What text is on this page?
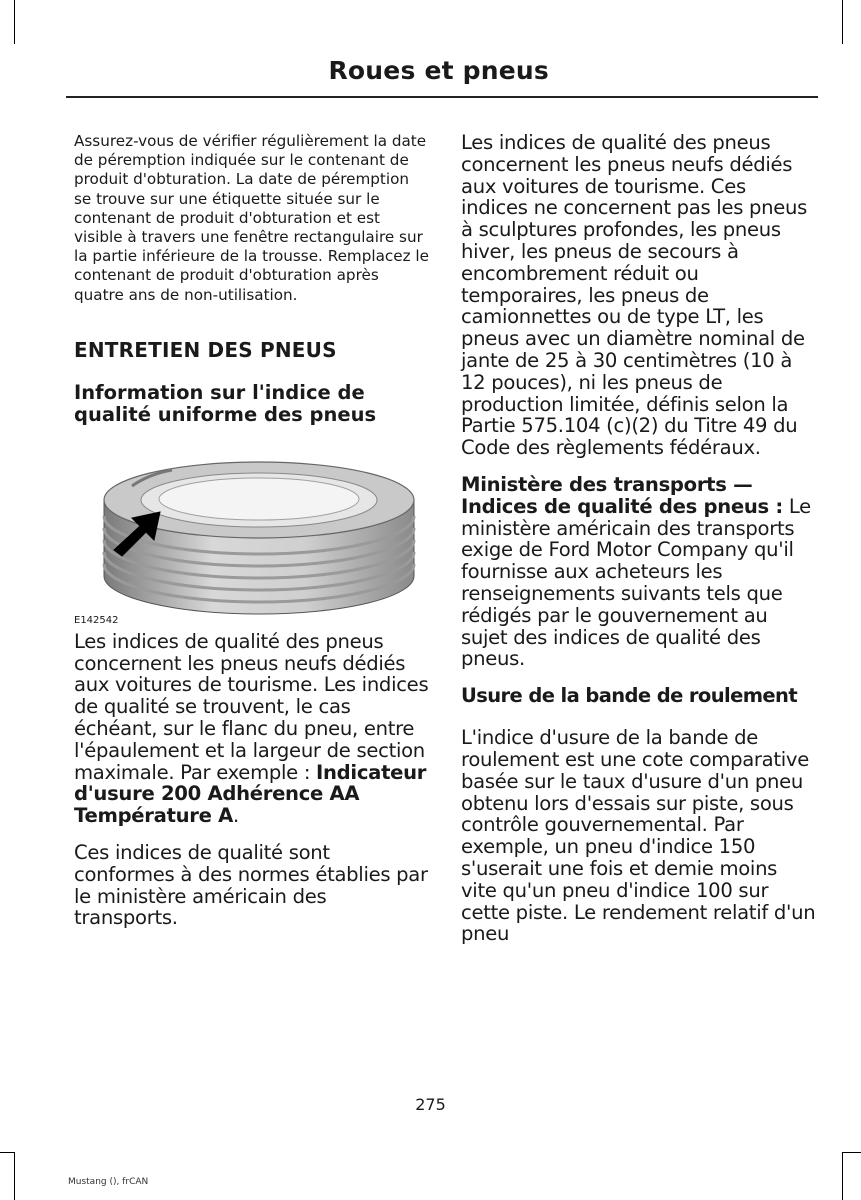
Roues et pneus

Assurez-vous de vérifier régulièrement la date de péremption indiquée sur le contenant de produit d'obturation. La date de péremption se trouve sur une étiquette située sur le contenant de produit d'obturation et est visible à travers une fenêtre rectangulaire sur la partie inférieure de la trousse. Remplacez le contenant de produit d'obturation après quatre ans de non-utilisation.

ENTRETIEN DES PNEUS
Information sur l'indice de qualité uniforme des pneus
E142542

Les indices de qualité des pneus concernent les pneus neufs dédiés aux voitures de tourisme. Les indices de qualité se trouvent, le cas échéant, sur le flanc du pneu, entre l'épaulement et la largeur de section maximale. Par exemple : Indicateur d'usure 200 Adhérence AA Température A.

Ces indices de qualité sont conformes à des normes établies par le ministère américain des transports.

Les indices de qualité des pneus concernent les pneus neufs dédiés aux voitures de tourisme. Ces indices ne concernent pas les pneus à sculptures profondes, les pneus hiver, les pneus de secours à encombrement réduit ou temporaires, les pneus de camionnettes ou de type LT, les pneus avec un diamètre nominal de jante de 25 à 30 centimètres (10 à 12 pouces), ni les pneus de production limitée, définis selon la Partie 575.104 (c)(2) du Titre 49 du Code des règlements fédéraux.

Ministère des transports — Indices de qualité des pneus : Le ministère américain des transports exige de Ford Motor Company qu'il fournisse aux acheteurs les renseignements suivants tels que rédigés par le gouvernement au sujet des indices de qualité des pneus.

Usure de la bande de roulement

L'indice d'usure de la bande de roulement est une cote comparative basée sur le taux d'usure d'un pneu obtenu lors d'essais sur piste, sous contrôle gouvernemental. Par exemple, un pneu d'indice 150 s'userait une fois et demie moins vite qu'un pneu d'indice 100 sur cette piste. Le rendement relatif d'un pneu

275
Mustang (), frCAN
